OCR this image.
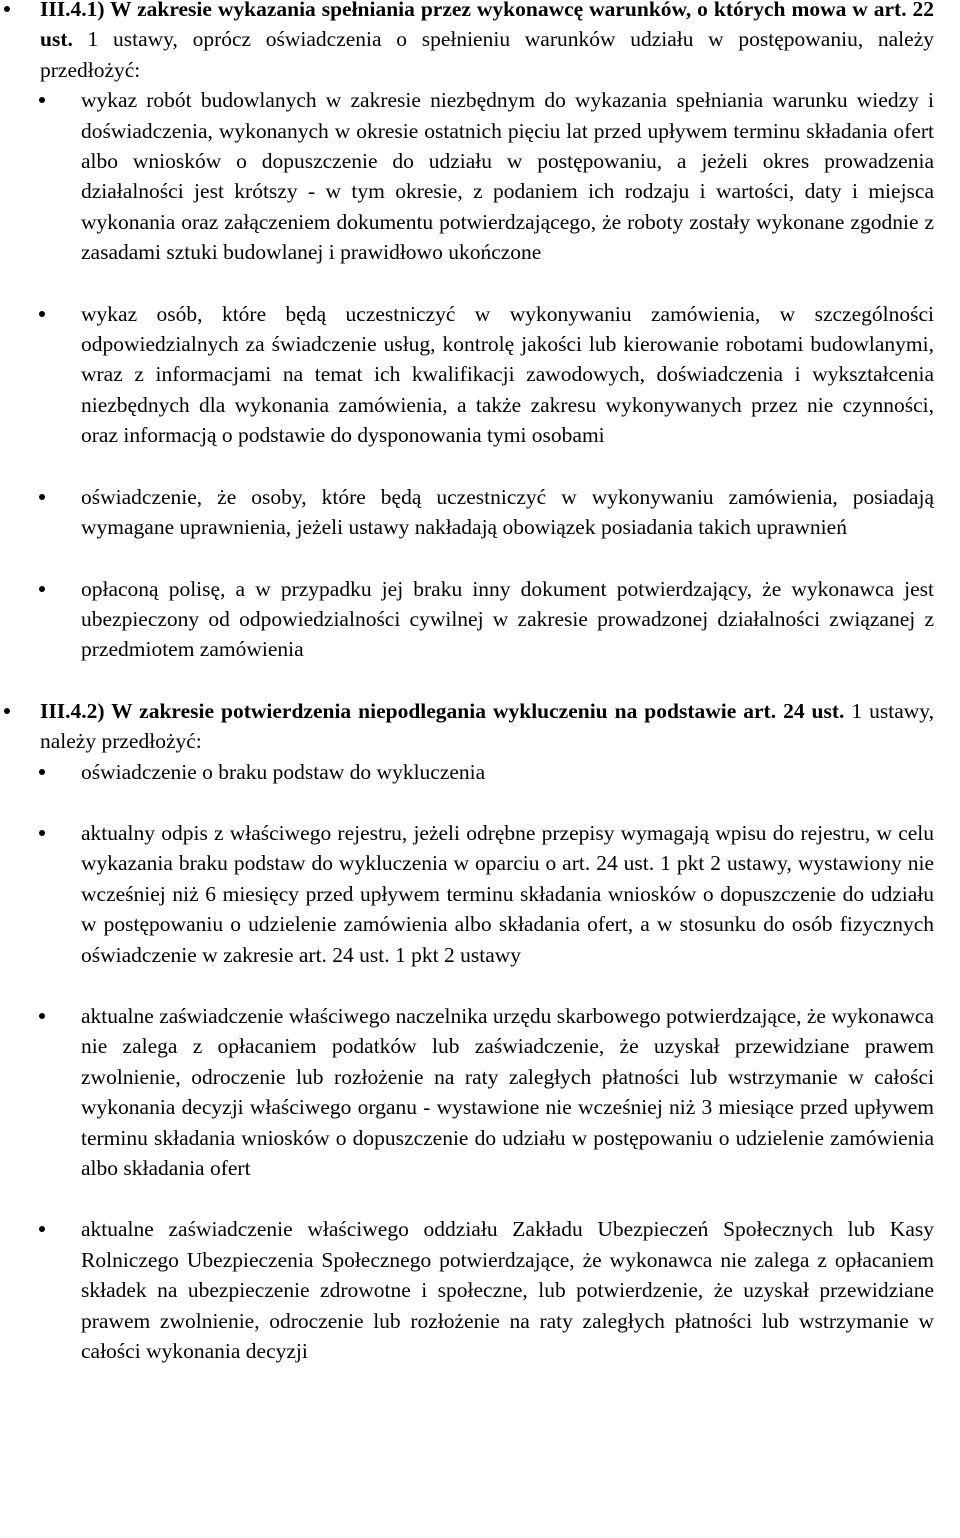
III.4.1) W zakresie wykazania spełniania przez wykonawcę warunków, o których mowa w art. 22 ust. 1 ustawy, oprócz oświadczenia o spełnieniu warunków udziału w postępowaniu, należy przedłożyć:
wykaz robót budowlanych w zakresie niezbędnym do wykazania spełniania warunku wiedzy i doświadczenia, wykonanych w okresie ostatnich pięciu lat przed upływem terminu składania ofert albo wniosków o dopuszczenie do udziału w postępowaniu, a jeżeli okres prowadzenia działalności jest krótszy - w tym okresie, z podaniem ich rodzaju i wartości, daty i miejsca wykonania oraz załączeniem dokumentu potwierdzającego, że roboty zostały wykonane zgodnie z zasadami sztuki budowlanej i prawidłowo ukończone
wykaz osób, które będą uczestniczyć w wykonywaniu zamówienia, w szczególności odpowiedzialnych za świadczenie usług, kontrolę jakości lub kierowanie robotami budowlanymi, wraz z informacjami na temat ich kwalifikacji zawodowych, doświadczenia i wykształcenia niezbędnych dla wykonania zamówienia, a także zakresu wykonywanych przez nie czynności, oraz informacją o podstawie do dysponowania tymi osobami
oświadczenie, że osoby, które będą uczestniczyć w wykonywaniu zamówienia, posiadają wymagane uprawnienia, jeżeli ustawy nakładają obowiązek posiadania takich uprawnień
opłaconą polisę, a w przypadku jej braku inny dokument potwierdzający, że wykonawca jest ubezpieczony od odpowiedzialności cywilnej w zakresie prowadzonej działalności związanej z przedmiotem zamówienia
III.4.2) W zakresie potwierdzenia niepodlegania wykluczeniu na podstawie art. 24 ust. 1 ustawy, należy przedłożyć:
oświadczenie o braku podstaw do wykluczenia
aktualny odpis z właściwego rejestru, jeżeli odrębne przepisy wymagają wpisu do rejestru, w celu wykazania braku podstaw do wykluczenia w oparciu o art. 24 ust. 1 pkt 2 ustawy, wystawiony nie wcześniej niż 6 miesięcy przed upływem terminu składania wniosków o dopuszczenie do udziału w postępowaniu o udzielenie zamówienia albo składania ofert, a w stosunku do osób fizycznych oświadczenie w zakresie art. 24 ust. 1 pkt 2 ustawy
aktualne zaświadczenie właściwego naczelnika urzędu skarbowego potwierdzające, że wykonawca nie zalega z opłacaniem podatków lub zaświadczenie, że uzyskał przewidziane prawem zwolnienie, odroczenie lub rozłożenie na raty zaległych płatności lub wstrzymanie w całości wykonania decyzji właściwego organu - wystawione nie wcześniej niż 3 miesiące przed upływem terminu składania wniosków o dopuszczenie do udziału w postępowaniu o udzielenie zamówienia albo składania ofert
aktualne zaświadczenie właściwego oddziału Zakładu Ubezpieczeń Społecznych lub Kasy Rolniczego Ubezpieczenia Społecznego potwierdzające, że wykonawca nie zalega z opłacaniem składek na ubezpieczenie zdrowotne i społeczne, lub potwierdzenie, że uzyskał przewidziane prawem zwolnienie, odroczenie lub rozłożenie na raty zaległych płatności lub wstrzymanie w całości wykonania decyzji
